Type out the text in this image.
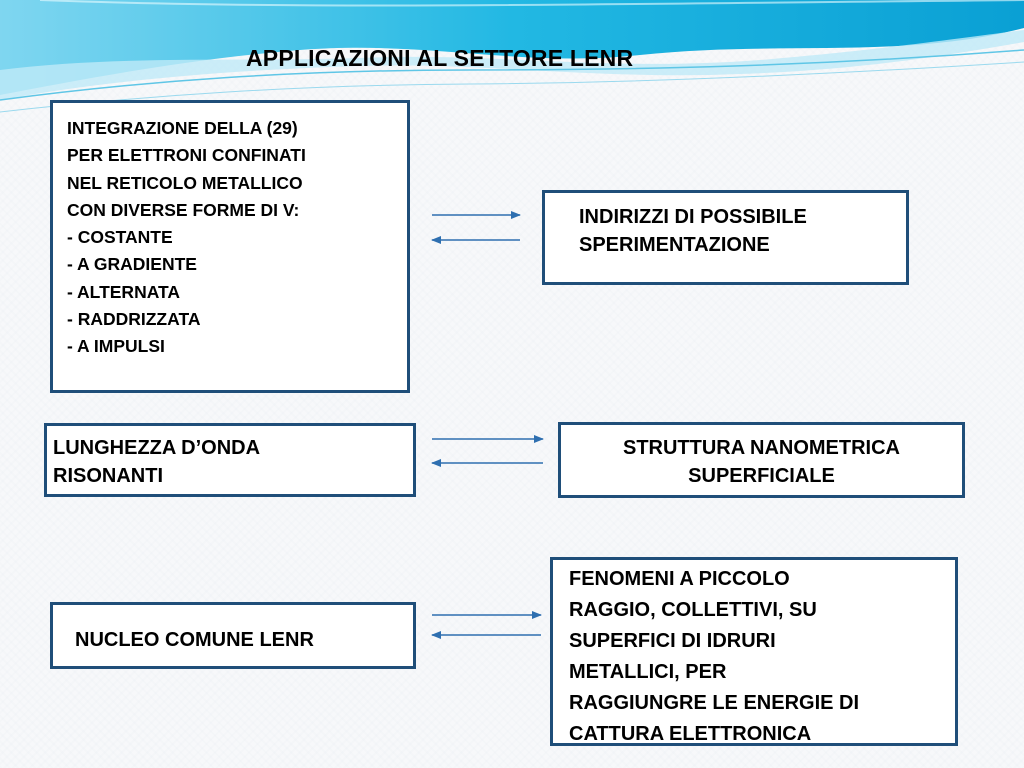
APPLICAZIONI AL SETTORE LENR
INTEGRAZIONE DELLA (29)
PER ELETTRONI CONFINATI
NEL RETICOLO METALLICO
CON DIVERSE FORME DI V:
- COSTANTE
- A GRADIENTE
- ALTERNATA
- RADDRIZZATA
- A IMPULSI
INDIRIZZI DI POSSIBILE
SPERIMENTAZIONE
LUNGHEZZA D’ONDA
RISONANTI
STRUTTURA NANOMETRICA
SUPERFICIALE
NUCLEO COMUNE LENR
FENOMENI A PICCOLO
RAGGIO, COLLETTIVI, SU
SUPERFICI DI IDRURI
METALLICI, PER
RAGGIUNGRE LE ENERGIE DI
CATTURA ELETTRONICA
